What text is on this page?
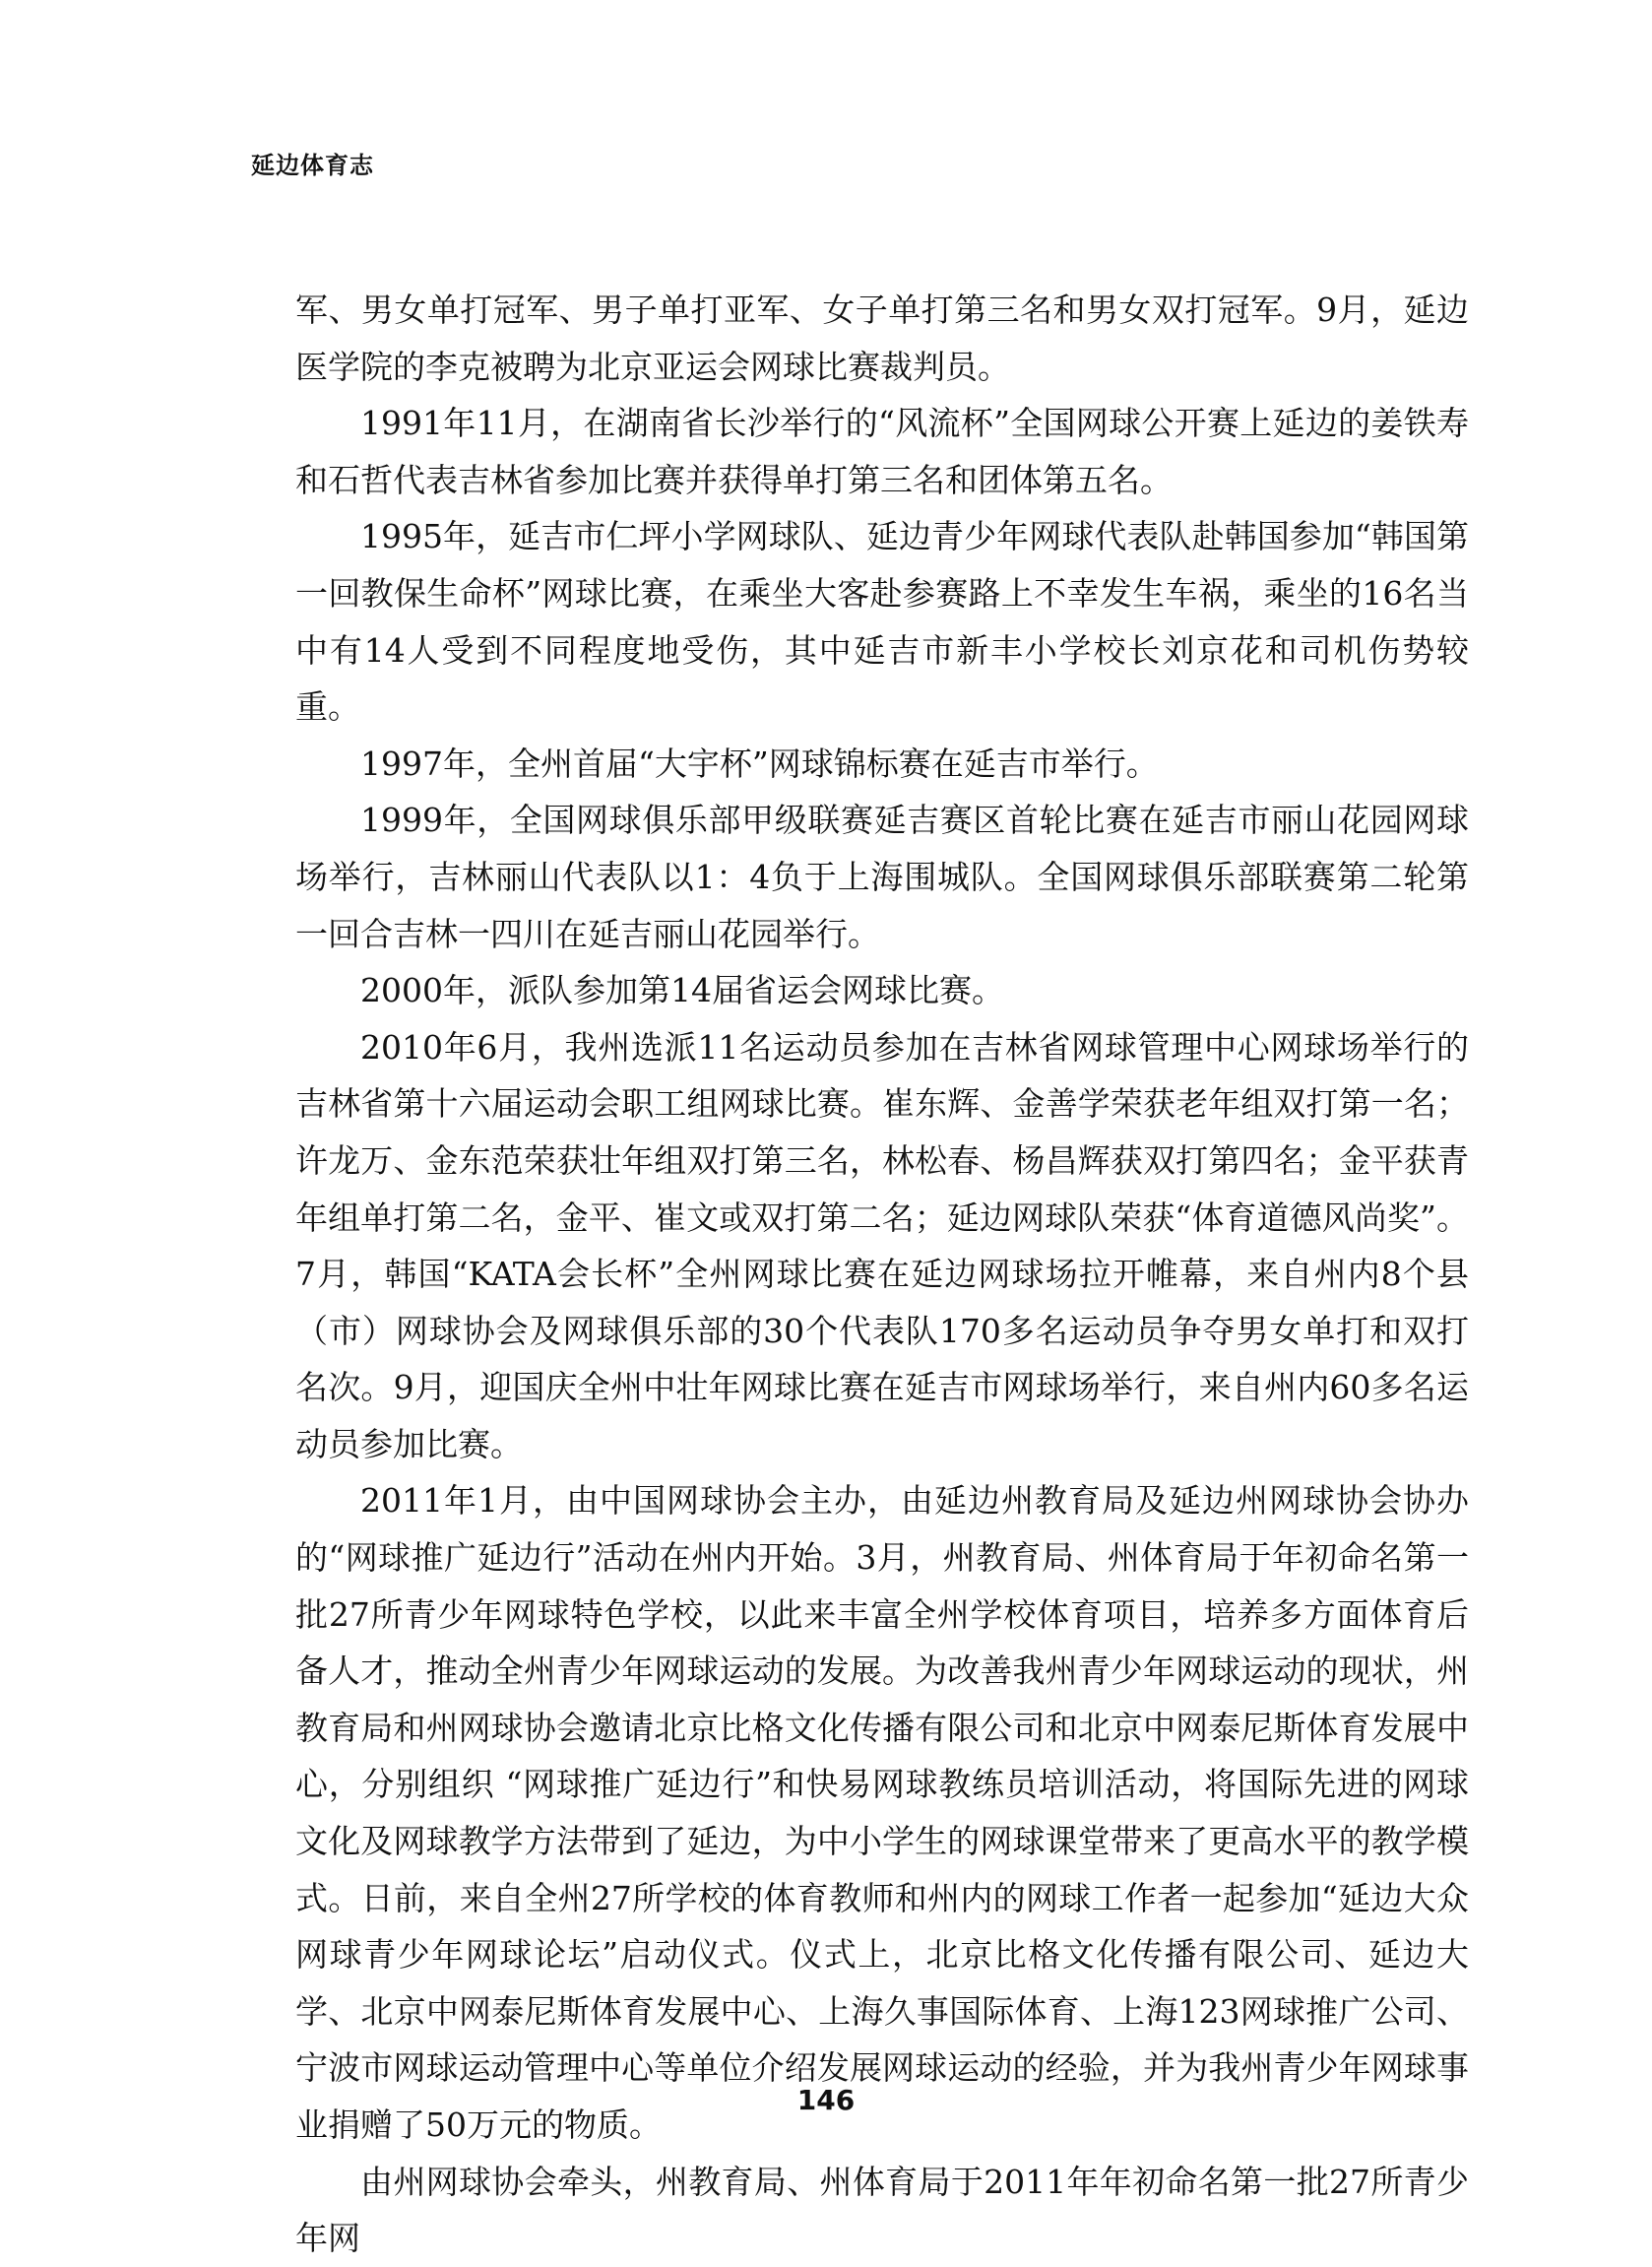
延边体育志

军、男女单打冠军、男子单打亚军、女子单打第三名和男女双打冠军。9月，延边医学院的李克被聘为北京亚运会网球比赛裁判员。

1991年11月，在湖南省长沙举行的“风流杯”全国网球公开赛上延边的姜铁寿和石哲代表吉林省参加比赛并获得单打第三名和团体第五名。

1995年，延吉市仁坪小学网球队、延边青少年网球代表队赴韩国参加“韩国第一回教保生命杯”网球比赛，在乘坐大客赴参赛路上不幸发生车祸，乘坐的16名当中有14人受到不同程度地受伤，其中延吉市新丰小学校长刘京花和司机伤势较重。

1997年，全州首届“大宇杯”网球锦标赛在延吉市举行。

1999年，全国网球俱乐部甲级联赛延吉赛区首轮比赛在延吉市丽山花园网球场举行，吉林丽山代表队以1：4负于上海围城队。全国网球俱乐部联赛第二轮第一回合吉林一四川在延吉丽山花园举行。

2000年，派队参加第14届省运会网球比赛。

2010年6月，我州选派11名运动员参加在吉林省网球管理中心网球场举行的吉林省第十六届运动会职工组网球比赛。崔东辉、金善学荣获老年组双打第一名；许龙万、金东范荣获壮年组双打第三名，林松春、杨昌辉获双打第四名；金平获青年组单打第二名，金平、崔文或双打第二名；延边网球队荣获“体育道德风尚奖”。7月，韩国“KATA会长杯”全州网球比赛在延边网球场拉开帷幕，来自州内8个县（市）网球协会及网球俱乐部的30个代表队170多名运动员争夺男女单打和双打名次。9月，迎国庆全州中壮年网球比赛在延吉市网球场举行，来自州内60多名运动员参加比赛。

2011年1月，由中国网球协会主办，由延边州教育局及延边州网球协会协办的“网球推广延边行”活动在州内开始。3月，州教育局、州体育局于年初命名第一批27所青少年网球特色学校，以此来丰富全州学校体育项目，培养多方面体育后备人才，推动全州青少年网球运动的发展。为改善我州青少年网球运动的现状，州教育局和州网球协会邀请北京比格文化传播有限公司和北京中网泰尼斯体育发展中心，分别组织 “网球推广延边行”和快易网球教练员培训活动，将国际先进的网球文化及网球教学方法带到了延边，为中小学生的网球课堂带来了更高水平的教学模式。日前，来自全州27所学校的体育教师和州内的网球工作者一起参加“延边大众网球青少年网球论坛”启动仪式。仪式上，北京比格文化传播有限公司、延边大学、北京中网泰尼斯体育发展中心、上海久事国际体育、上海123网球推广公司、宁波市网球运动管理中心等单位介绍发展网球运动的经验，并为我州青少年网球事业捐赠了50万元的物质。

由州网球协会牵头，州教育局、州体育局于2011年年初命名第一批27所青少年网

146
